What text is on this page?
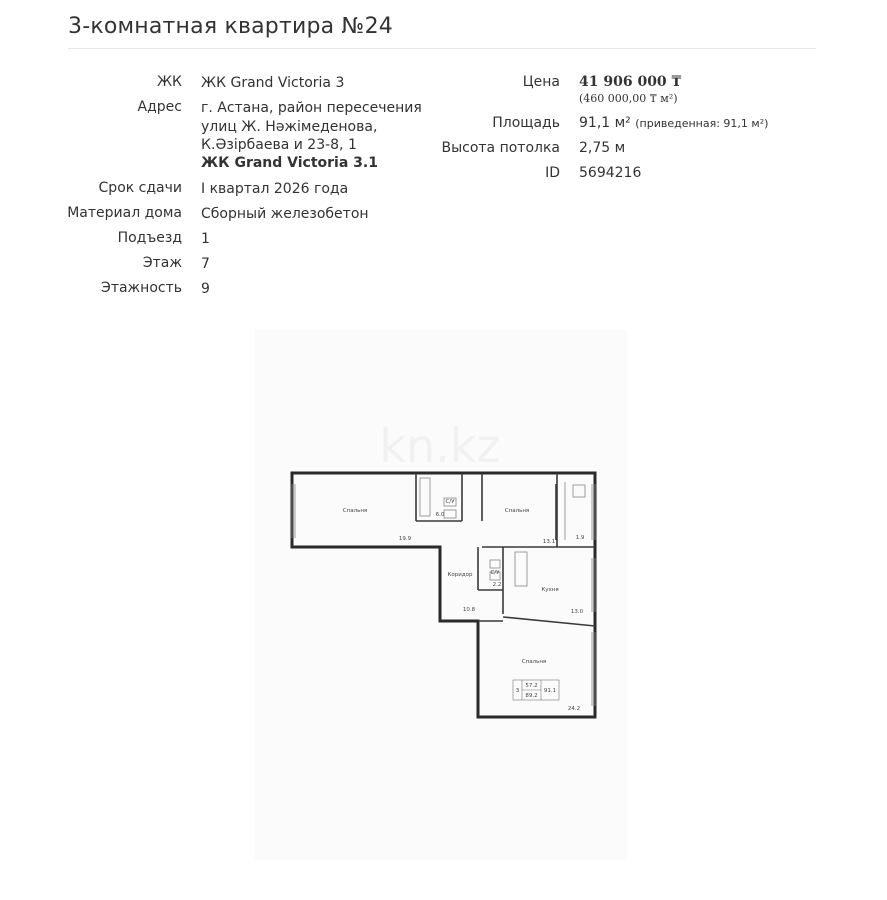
3-комнатная квартира №24
ЖК ЖК Grand Victoria 3
Адрес г. Астана, район пересечения
улиц Ж. Нәжімеденова,
К.Әзірбаева и 23-8, 1
ЖК Grand Victoria 3.1
Срок сдачи I квартал 2026 года
Материал дома Сборный железобетон
Подъезд 1
Этаж 7
Этажность 9
Цена 41 906 000 ₸
(460 000,00 ₸ м²)
Площадь 91,1 м² (приведенная: 91,1 м²)
Высота потолка 2,75 м
ID 5694216
kn.kz
Спальня
19.9
С/У
6.0
Спальня
13.1
1.9
Коридор
10.8
С/У
2.2
Кухня
13.0
Спальня
24.2
3
57.2
89.2
91.1
